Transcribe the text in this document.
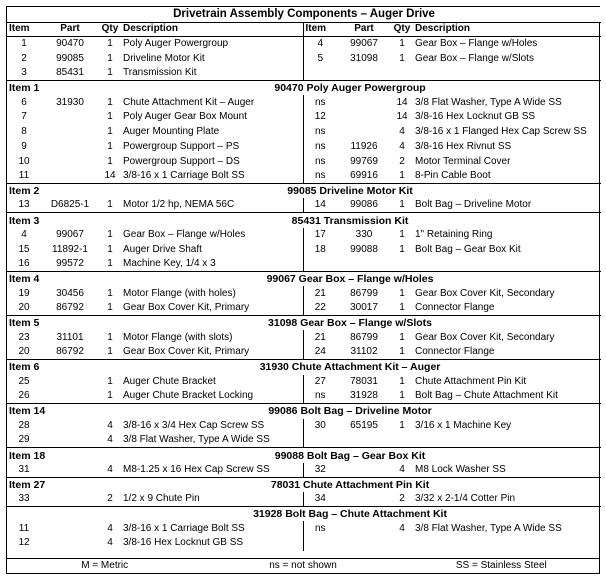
Drivetrain Assembly Components – Auger Drive							
Item	Part	Qty	Description	Item	Part	Qty	Description
1	90470	1	Poly Auger Powergroup	4	99067	1	Gear Box – Flange w/Holes
2	99085	1	Driveline Motor Kit	5	31098	1	Gear Box – Flange w/Slots
3	85431	1	Transmission Kit				
Item 1		90470 Poly Auger Powergroup					
6	31930	1	Chute Attachment Kit – Auger	ns		14	3/8 Flat Washer, Type A Wide SS
7		1	Poly Auger Gear Box Mount	12		14	3/8-16 Hex Locknut GB SS
8		1	Auger Mounting Plate	ns		4	3/8-16 x 1 Flanged Hex Cap Screw SS
9		1	Powergroup Support – PS	ns	11926	4	3/8-16 Hex Rivnut SS
10		1	Powergroup Support – DS	ns	99769	2	Motor Terminal Cover
11		14	3/8-16 x 1 Carriage Bolt SS	ns	69916	1	8-Pin Cable Boot
Item 2		99085 Driveline Motor Kit					
13	D6825-1	1	Motor 1/2 hp, NEMA 56C	14	99086	1	Bolt Bag – Driveline Motor
Item 3		85431 Transmission Kit					
4	99067	1	Gear Box – Flange w/Holes	17	330	1	1" Retaining Ring
15	11892-1	1	Auger Drive Shaft	18	99088	1	Bolt Bag – Gear Box Kit
16	99572	1	Machine Key, 1/4 x 3				
Item 4		99067 Gear Box – Flange w/Holes					
19	30456	1	Motor Flange (with holes)	21	86799	1	Gear Box Cover Kit, Secondary
20	86792	1	Gear Box Cover Kit, Primary	22	30017	1	Connector Flange
Item 5		31098 Gear Box – Flange w/Slots					
23	31101	1	Motor Flange (with slots)	21	86799	1	Gear Box Cover Kit, Secondary
20	86792	1	Gear Box Cover Kit, Primary	24	31102	1	Connector Flange
Item 6		31930 Chute Attachment Kit – Auger					
25		1	Auger Chute Bracket	27	78031	1	Chute Attachment Pin Kit
26		1	Auger Chute Bracket Locking	ns	31928	1	Bolt Bag – Chute Attachment Kit
Item 14		99086 Bolt Bag – Driveline Motor					
28		4	3/8-16 x 3/4 Hex Cap Screw SS	30	65195	1	3/16 x 1 Machine Key
29		4	3/8 Flat Washer, Type A Wide SS				
Item 18		99088 Bolt Bag – Gear Box Kit					
31		4	M8-1.25 x 16 Hex Cap Screw SS	32		4	M8 Lock Washer SS
Item 27		78031 Chute Attachment Pin Kit					
33		2	1/2 x 9 Chute Pin	34		2	3/32 x 2-1/4 Cotter Pin
		31928 Bolt Bag – Chute Attachment Kit					
11		4	3/8-16 x 1 Carriage Bolt SS	ns		4	3/8 Flat Washer, Type A Wide SS
12		4	3/8-16 Hex Locknut GB SS				
M = Metric	ns = not shown	SS = Stainless Steel
